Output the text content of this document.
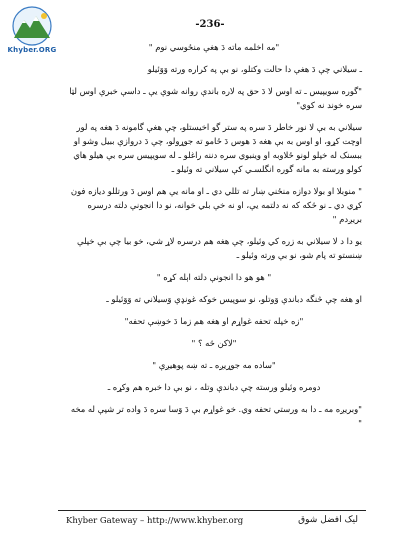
Khyber.ORG
-236-

"مه اخلمه ماته دَ هغې منځوسي نوم "

ـ سيلاني چې دَ هغې دا حالت وکتلو، نو بې په کراره ورته وَوَئيلو

"گوره سويپيس ـ ته اوس لا دَ حق په لاره باندې روانه شوې يې ـ داسې خبرې اوس لټا سره خوند نه کوي"

سيلاني به بې لا نور خاطر دَ سره په ستر گو اخيستلو، چې هغې گامونه دَ هغه په لور اوچت کړو، او اوس به بې هغه دَ هوس دَ ځامو ته جوړولو، چې دَ دروازې ببيل وشو او ببسنک له خپلو لونو ځلاوبه او وينبوي سره دننه راغلو ـ له سويپيس سره بې هيلو هاي کولو ورسته به مانه گوره انگلسـي کې سيلاني ته وئيلو ـ

" منوبلا او بولا دوازه منځني ښار ته تللي دي ـ او مانه يې هم اوس دَ ورتللو ديازه فون کړي دي ـ نو څکه که نه دلتمه يې، او نه خې بلي خوانه، نو دا انجونې دلته درسره بریږدم "

يو دا د لا سيلاني به زره کي وئيلو، چې هغه هم درسره لاړ شي، خو بيا چې بې خپلې ښنستو ته پام شو، نو بې ورته وئيلو ـ

" هو هو دا انجونې دلته اېله کړه "

او هغه چې څنگه دباندې وَوتلو، نو سوپيس خوکه غونډې وَسيلاني ته وَوَئيلو ـ

"زه خپله تحفه غواړم او هغه هم زما دَ خوښې تحفه"

"لاکن څه ؟ "

"ساده مه جوړيږه ـ ته ښه پوهيږې "

دومره وئيلو ورسته چې دباندې وتله ، نو بې دا خبره هم وکړه ـ

"وبريږه مه ـ دا به ورستي تحفه وي. خو غواړم بې دَ وَسا سره دَ واده تر شپې له مخه "

Khyber Gateway – http://www.khyber.org	ليک افضل شوق
